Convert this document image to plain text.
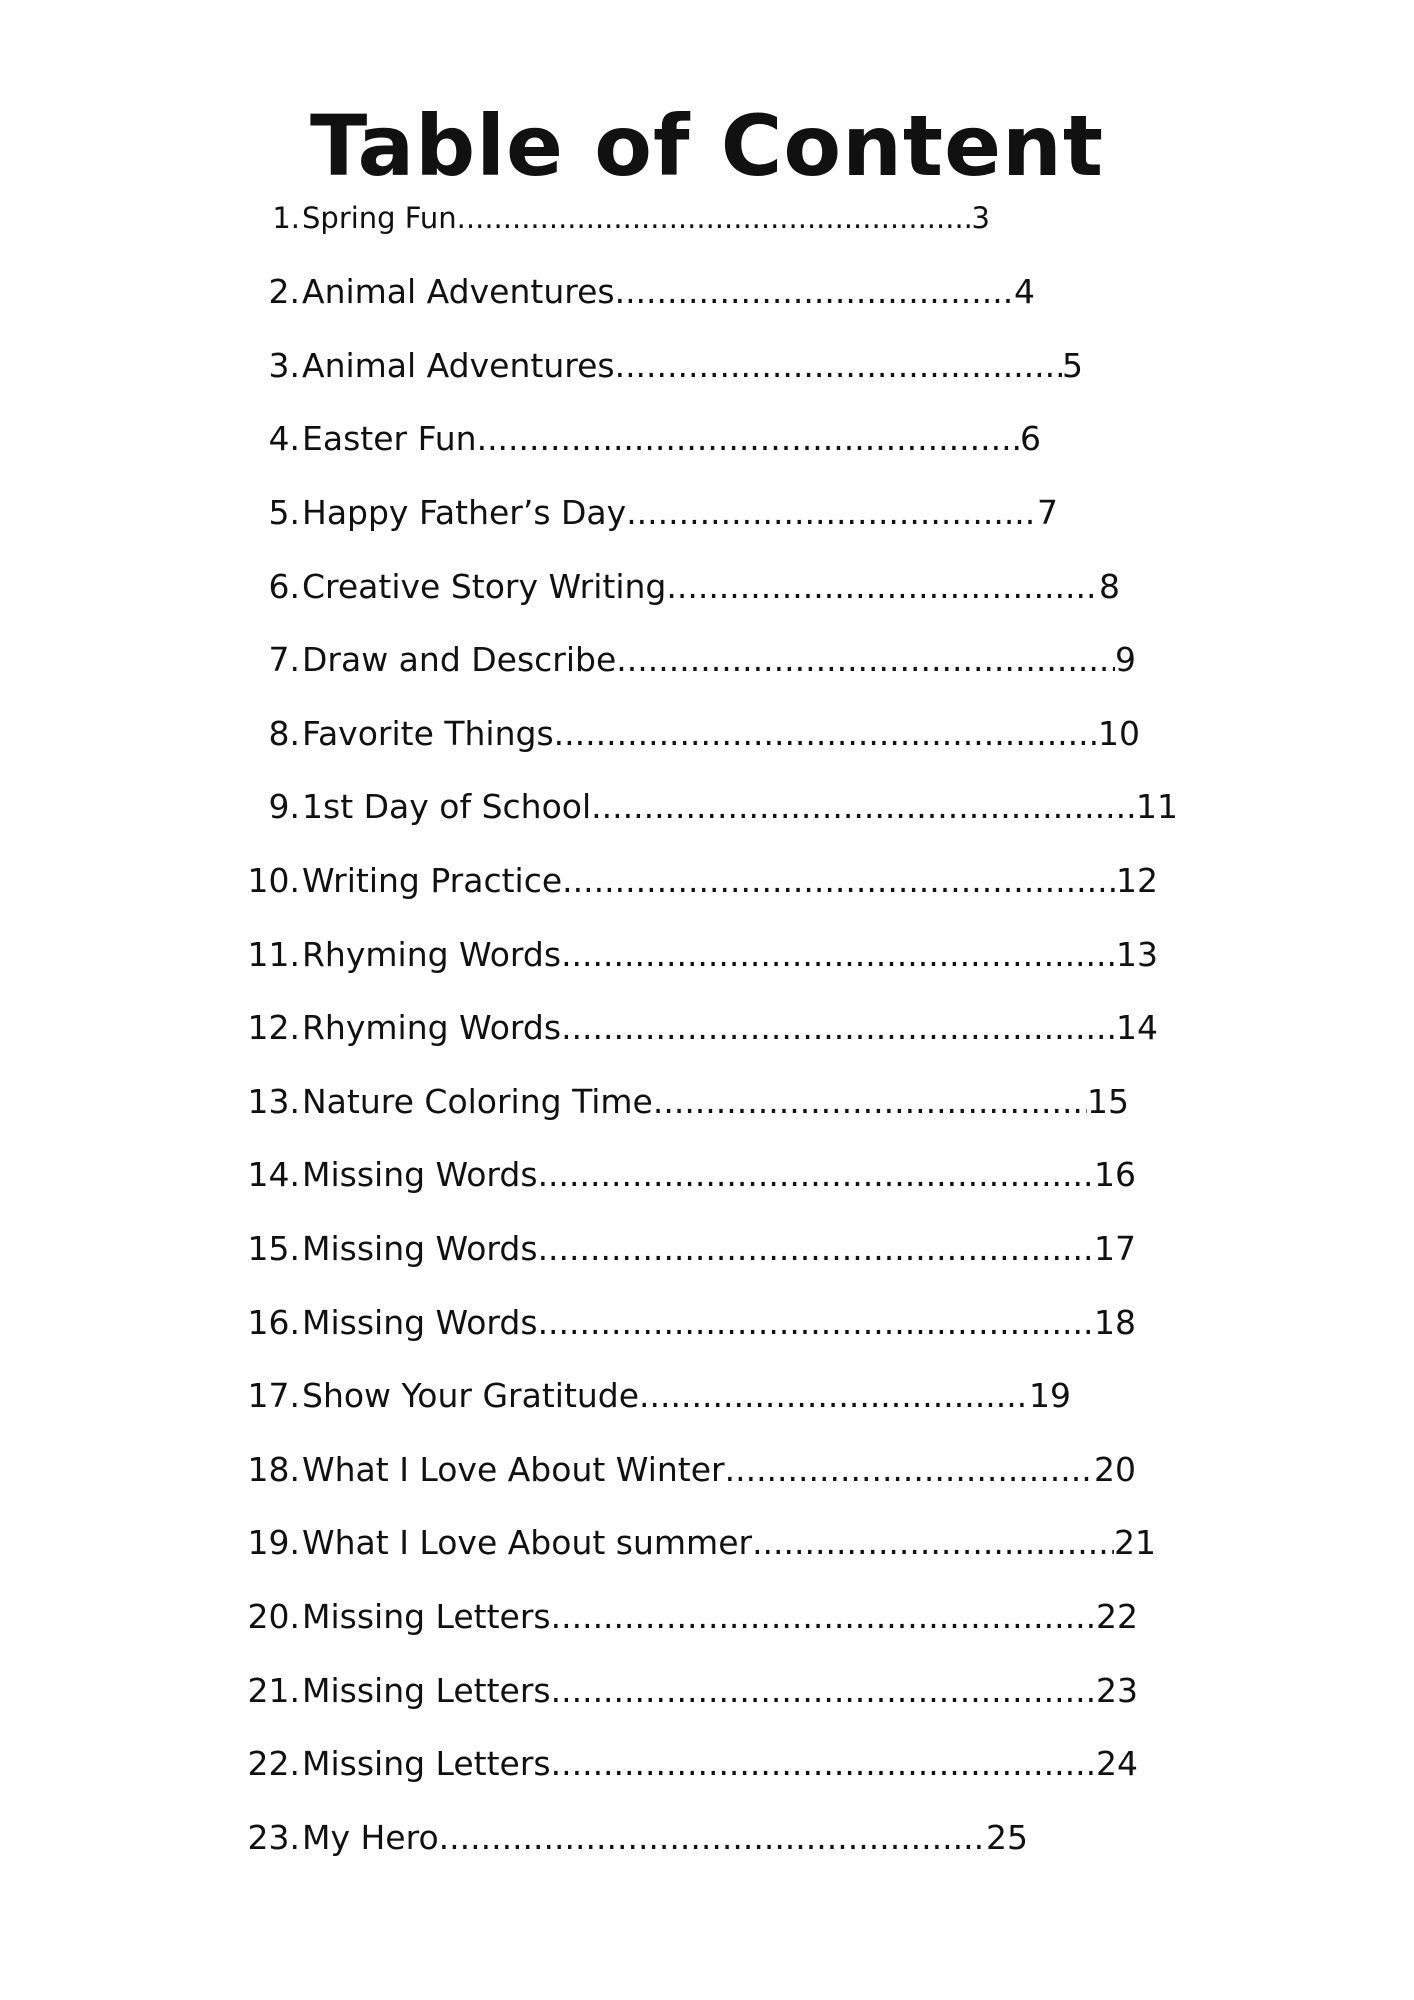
Table of Content
1. Spring Fun .....	3
2. Animal Adventures .....	4
3. Animal Adventures .....	5
4. Easter Fun .....	6
5. Happy Father’s Day .....	7
6. Creative Story Writing .....	8
7. Draw and Describe .....	9
8. Favorite Things .....	10
9. 1st Day of School .....	11
10. Writing Practice .....	12
11. Rhyming Words .....	13
12. Rhyming Words .....	14
13. Nature Coloring Time .....	15
14. Missing Words .....	16
15. Missing Words .....	17
16. Missing Words .....	18
17. Show Your Gratitude .....	19
18. What I Love About Winter .....	20
19. What I Love About summer .....	21
20. Missing Letters .....	22
21. Missing Letters .....	23
22. Missing Letters .....	24
23. My Hero .....	25
